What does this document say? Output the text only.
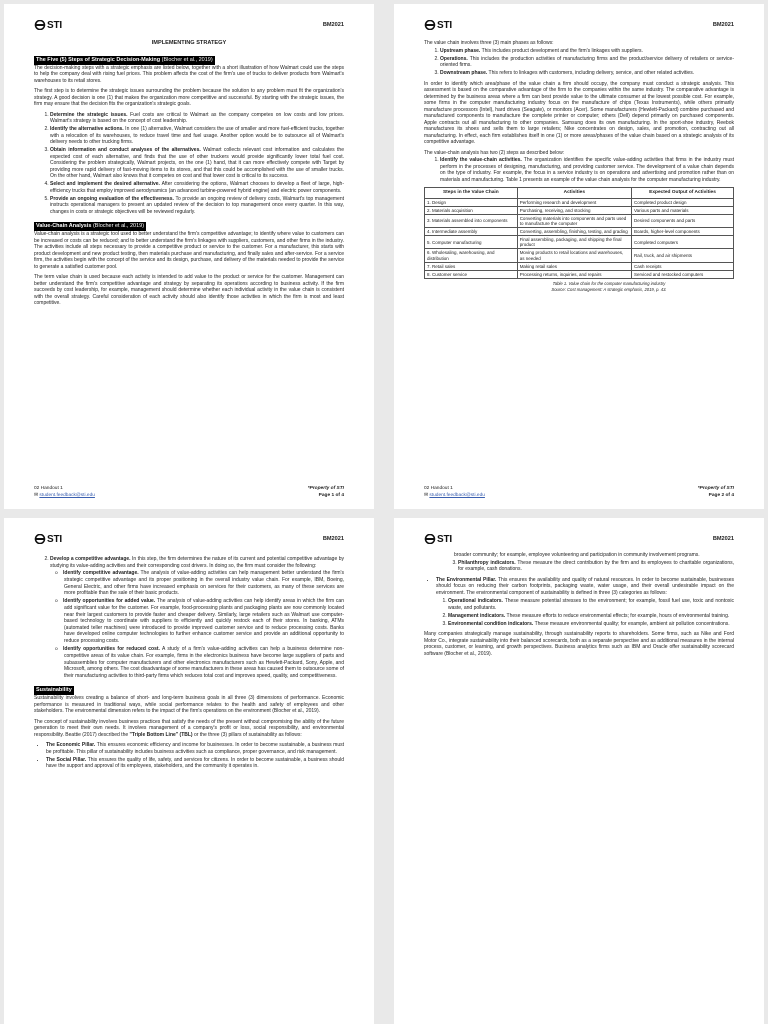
STI	BM2021
IMPLEMENTING STRATEGY
The Five (5) Steps of Strategic Decision-Making (Blocher et al., 2019)

The decision-making steps with a strategic emphasis are listed below, together with a short illustration of how Walmart could use the steps to help the company deal with rising fuel prices. This problem affects the cost of the firm's use of trucks to deliver products from Walmart's warehouses to its retail stores.

The first step is to determine the strategic issues surrounding the problem because the solution to any problem must fit the organization's strategy. A good decision is one (1) that makes the organization more competitive and successful. By starting with the strategic issues, the firm may ensure that the decision fits the organization's strategic goals.

1. Determine the strategic issues. Fuel costs are critical to Walmart as the company competes on low costs and low prices. Walmart's strategy is based on the concept of cost leadership.
2. Identify the alternative actions. In one (1) alternative, Walmart considers the use of smaller and more fuel-efficient trucks, together with a relocation of its warehouses, to reduce travel time and fuel usage. Another option would be to outsource all of Walmart's delivery needs to other trucking firms.
3. Obtain information and conduct analyses of the alternatives. Walmart collects relevant cost information and calculates the expected cost of each alternative, and finds that the use of other truckers would provide significantly lower total fuel cost. Considering the problem strategically, Walmart projects, on the one (1) hand, that it can more effectively compete with Target by providing more rapid delivery of fast-moving items to its stores, and that this could be accomplished with the use of smaller trucks. On the other hand, Walmart also knows that it competes on cost and that lower cost is critical to its success.
4. Select and implement the desired alternative. After considering the options, Walmart chooses to develop a fleet of large, high-efficiency trucks that employ improved aerodynamics (an advanced turbine-powered hybrid engine) and electric power components.
5. Provide an ongoing evaluation of the effectiveness. To provide an ongoing review of delivery costs, Walmart's top management instructs operational managers to present an updated review of the decision to top management once every quarter. In this way, changes in costs or strategic objectives will be reviewed regularly.
Value-Chain Analysis (Blocher et al., 2019)

Value-chain analysis is a strategic tool used to better understand the firm's competitive advantage; to identify where value to customers can be increased or costs can be reduced; and to better understand the firm's linkages with suppliers, customers, and other firms in the industry. The activities include all steps necessary to provide a competitive product or service to the customer. For a manufacturer, this starts with product development and new product testing, then materials purchase and manufacturing, and finally sales and after-service. For a service firm, the activities begin with the concept of the service and its design, purchase, and delivery of the materials needed to provide the service to generate a satisfied customer pool.

The term value chain is used because each activity is intended to add value to the product or service for the customer. Management can better understand the firm's competitive advantage and strategy by separating its operations according to business activity. If the firm succeeds by cost leadership, for example, management should determine whether each individual activity in the value chain is consistent with the overall strategy. Careful consideration of each activity should also identify those activities in which the firm is most and least competitive.

02 Handout 1
✉ student.feedback@sti.edu
*Property of STI
Page 1 of 4
STI	BM2021

The value chain involves three (3) main phases as follows:

1. Upstream phase. This includes product development and the firm's linkages with suppliers.
2. Operations. This includes the production activities of manufacturing firms and the product/service delivery of retailers or service-oriented firms.
3. Downstream phase. This refers to linkages with customers, including delivery, service, and other related activities.

In order to identify which area/phase of the value chain a firm should occupy, the company must conduct a strategic analysis. This assessment is based on the comparative advantage of the firm to the companies within the same industry. The comparative advantage is determined by the business areas where a firm can best provide value to the ultimate consumer at the lowest possible cost. For example, some firms in the computer manufacturing industry focus on the manufacture of chips (Texas Instruments), while others primarily manufacture processors (Intel), hard drives (Seagate), or monitors (Acer). Some manufacturers (Hewlett-Packard) combine purchased and manufactured components to manufacture the complete printer or computer; others (Dell) depend primarily on purchased components. Apple contracts out all manufacturing to other companies. Samsung does its own manufacturing. In the sport-shoe industry, Reebok manufactures its shoes and sells them to large retailers; Nike concentrates on design, sales, and promotion, contracting out all manufacturing. In effect, each firm establishes itself in one (1) or more areas/phases of the value chain based on a strategic analysis of its competitive advantage.

The value-chain analysis has two (2) steps as described below:

1. Identify the value-chain activities. The organization identifies the specific value-adding activities that firms in the industry must perform in the processes of designing, manufacturing, and providing customer service. The development of a value chain depends on the type of industry. For example, the focus in a service industry is on operations and advertising and promotion rather than on materials and manufacturing. Table 1 presents an example of the value chain analysis for the computer manufacturing industry.
Steps in the Value Chain	Activities	Expected Output of Activities
1. Design	Performing research and development	Completed product design
2. Materials acquisition	Purchasing, receiving, and stocking	Various parts and materials
3. Materials assembled into components	Converting materials into components and parts used to manufacture the computer	Desired components and parts
4. Intermediate assembly	Converting, assembling, finishing, testing, and grading	Boards, higher-level components
5. Computer manufacturing	Final assembling, packaging, and shipping the final product	Completed computers
6. Wholesaling, warehousing, and distribution	Moving products to retail locations and warehouses, as needed	Rail, truck, and air shipments
7. Retail sales	Making retail sales	Cash receipts
8. Customer service	Processing returns, inquiries, and repairs	Serviced and restocked computers
Table 1. Value chain for the computer manufacturing industry
Source: Cost management: A strategic emphasis, 2019, p. 43.
02 Handout 1
✉ student.feedback@sti.edu
*Property of STI
Page 2 of 4
STI	BM2021
2. Develop a competitive advantage. In this step, the firm determines the nature of its current and potential competitive advantage by studying its value-adding activities and their corresponding cost drivers. In doing so, the firm must consider the following:
o Identify competitive advantage. The analysis of value-adding activities can help management better understand the firm's strategic competitive advantage and its proper positioning in the overall industry value chain. For example, IBM, Boeing, General Electric, and other firms have increased emphasis on services for their customers, as many of these services are more profitable than the sale of their basic products.
o Identify opportunities for added value. The analysis of value-adding activities can help identify areas in which the firm can add significant value for the customer. For example, food-processing plants and packaging plants are now commonly located near their largest customers to provide faster and cheaper delivery. Similarly, large retailers such as Walmart use computer-based technology to coordinate with suppliers to efficiently and quickly restock each of their stores. In banking, ATMs (automated teller machines) were introduced to provide improved customer service and to reduce processing costs. Banks have developed online computer technologies to further enhance customer service and provide an additional opportunity to reduce processing costs.
o Identify opportunities for reduced cost. A study of a firm's value-adding activities can help a business determine non-competitive areas of its value chain. For example, firms in the electronics business have become large suppliers of parts and subassemblies for computer manufacturers and other electronics manufacturers such as Hewlett-Packard, Sony, Apple, and Microsoft, among others. The cost disadvantage of some manufacturers in these areas has caused them to outsource some of their manufacturing activities to third-party firms which reduces total cost and improves speed, quality, and competitiveness.
Sustainability

Sustainability involves creating a balance of short- and long-term business goals in all three (3) dimensions of performance. Economic performance is measured in traditional ways, while social performance relates to the health and safety of employees and other stakeholders. The environmental dimension refers to the impact of the firm's operations on the environment (Blocher et al., 2019).

The concept of sustainability involves business practices that satisfy the needs of the present without compromising the ability of the future generation to meet their own needs. It involves management of a company's profit or loss, social responsibility, and environmental responsibility. Beattie (2017) described the "Triple Bottom Line" (TBL) or the three (3) pillars of sustainability as follows:

• The Economic Pillar. This ensures economic efficiency and income for businesses. In order to become sustainable, a business must be profitable. This pillar of sustainability includes business activities such as compliance, proper governance, and risk management.
• The Social Pillar. This ensures the quality of life, safety, and services for citizens. In order to become sustainable, a business should have the support and approval of its employees, stakeholders, and the community it operates in.
STI	BM2021

broader community; for example, employee volunteering and participation in community involvement programs.

3. Philanthropy indicators. These measure the direct contribution by the firm and its employees to charitable organizations, for example, cash donations.
• The Environmental Pillar. This ensures the availability and quality of natural resources. In order to become sustainable, businesses should focus on reducing their carbon footprints, packaging waste, water usage, and their overall undesirable impact on the environment. The environmental component of sustainability is defined in three (3) categories as follows:
1. Operational indicators. These measure potential stresses to the environment; for example, fossil fuel use, toxic and nontoxic waste, and pollutants.
2. Management indicators. These measure efforts to reduce environmental effects; for example, hours of environmental training.
3. Environmental condition indicators. These measure environmental quality; for example, ambient air pollution concentrations.

Many companies strategically manage sustainability, through sustainability reports to shareholders. Some firms, such as Nike and Ford Motor Co., integrate sustainability into their balanced scorecards, both as a separate perspective and as additional measures in the internal process, customer, or learning, and growth perspectives. Business analytics firms such as IBM and Oracle offer sustainability scorecard software (Blocher et al., 2019).
